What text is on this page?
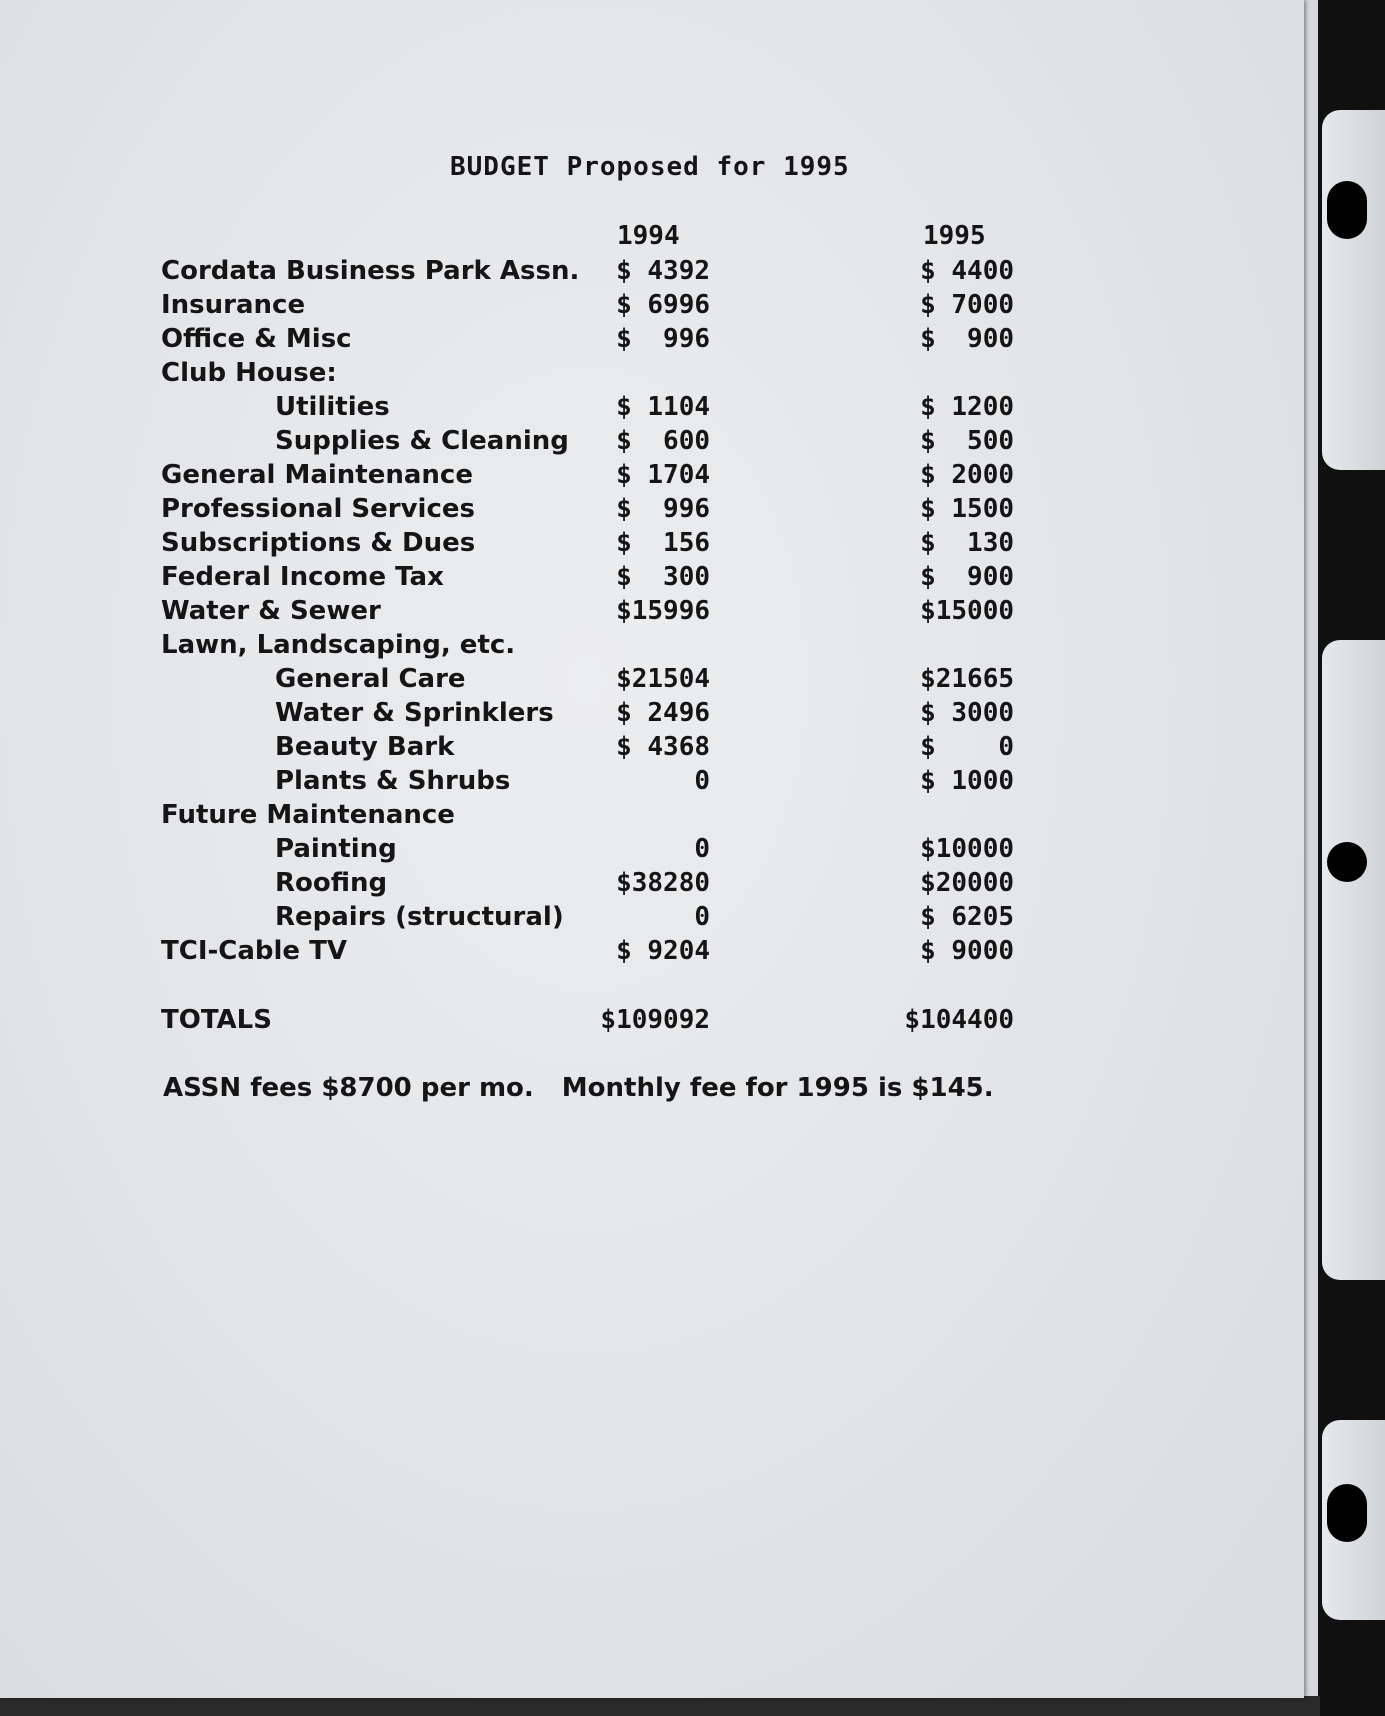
BUDGET Proposed for 1995
1994	1995
Cordata Business Park Assn. $ 4392	$ 4400
Insurance	$ 6996	$ 7000
Office & Misc	$  996	$  900
Club House:
Utilities	$ 1104	$ 1200
Supplies & Cleaning $  600	$  500
General Maintenance	$ 1704	$ 2000
Professional Services	$  996	$ 1500
Subscriptions & Dues	$  156	$  130
Federal Income Tax	$  300	$  900
Water & Sewer	$15996	$15000
Lawn, Landscaping, etc.
General Care	$21504	$21665
Water & Sprinklers $ 2496	$ 3000
Beauty Bark	$ 4368	$    0
Plants & Shrubs	0	$ 1000
Future Maintenance
Painting	0	$10000
Roofing	$38280	$20000
Repairs (structural)	0	$ 6205
TCI-Cable TV	$ 9204	$ 9000
TOTALS	$109092	$104400
ASSN fees $8700 per mo. Monthly fee for 1995 is $145.
